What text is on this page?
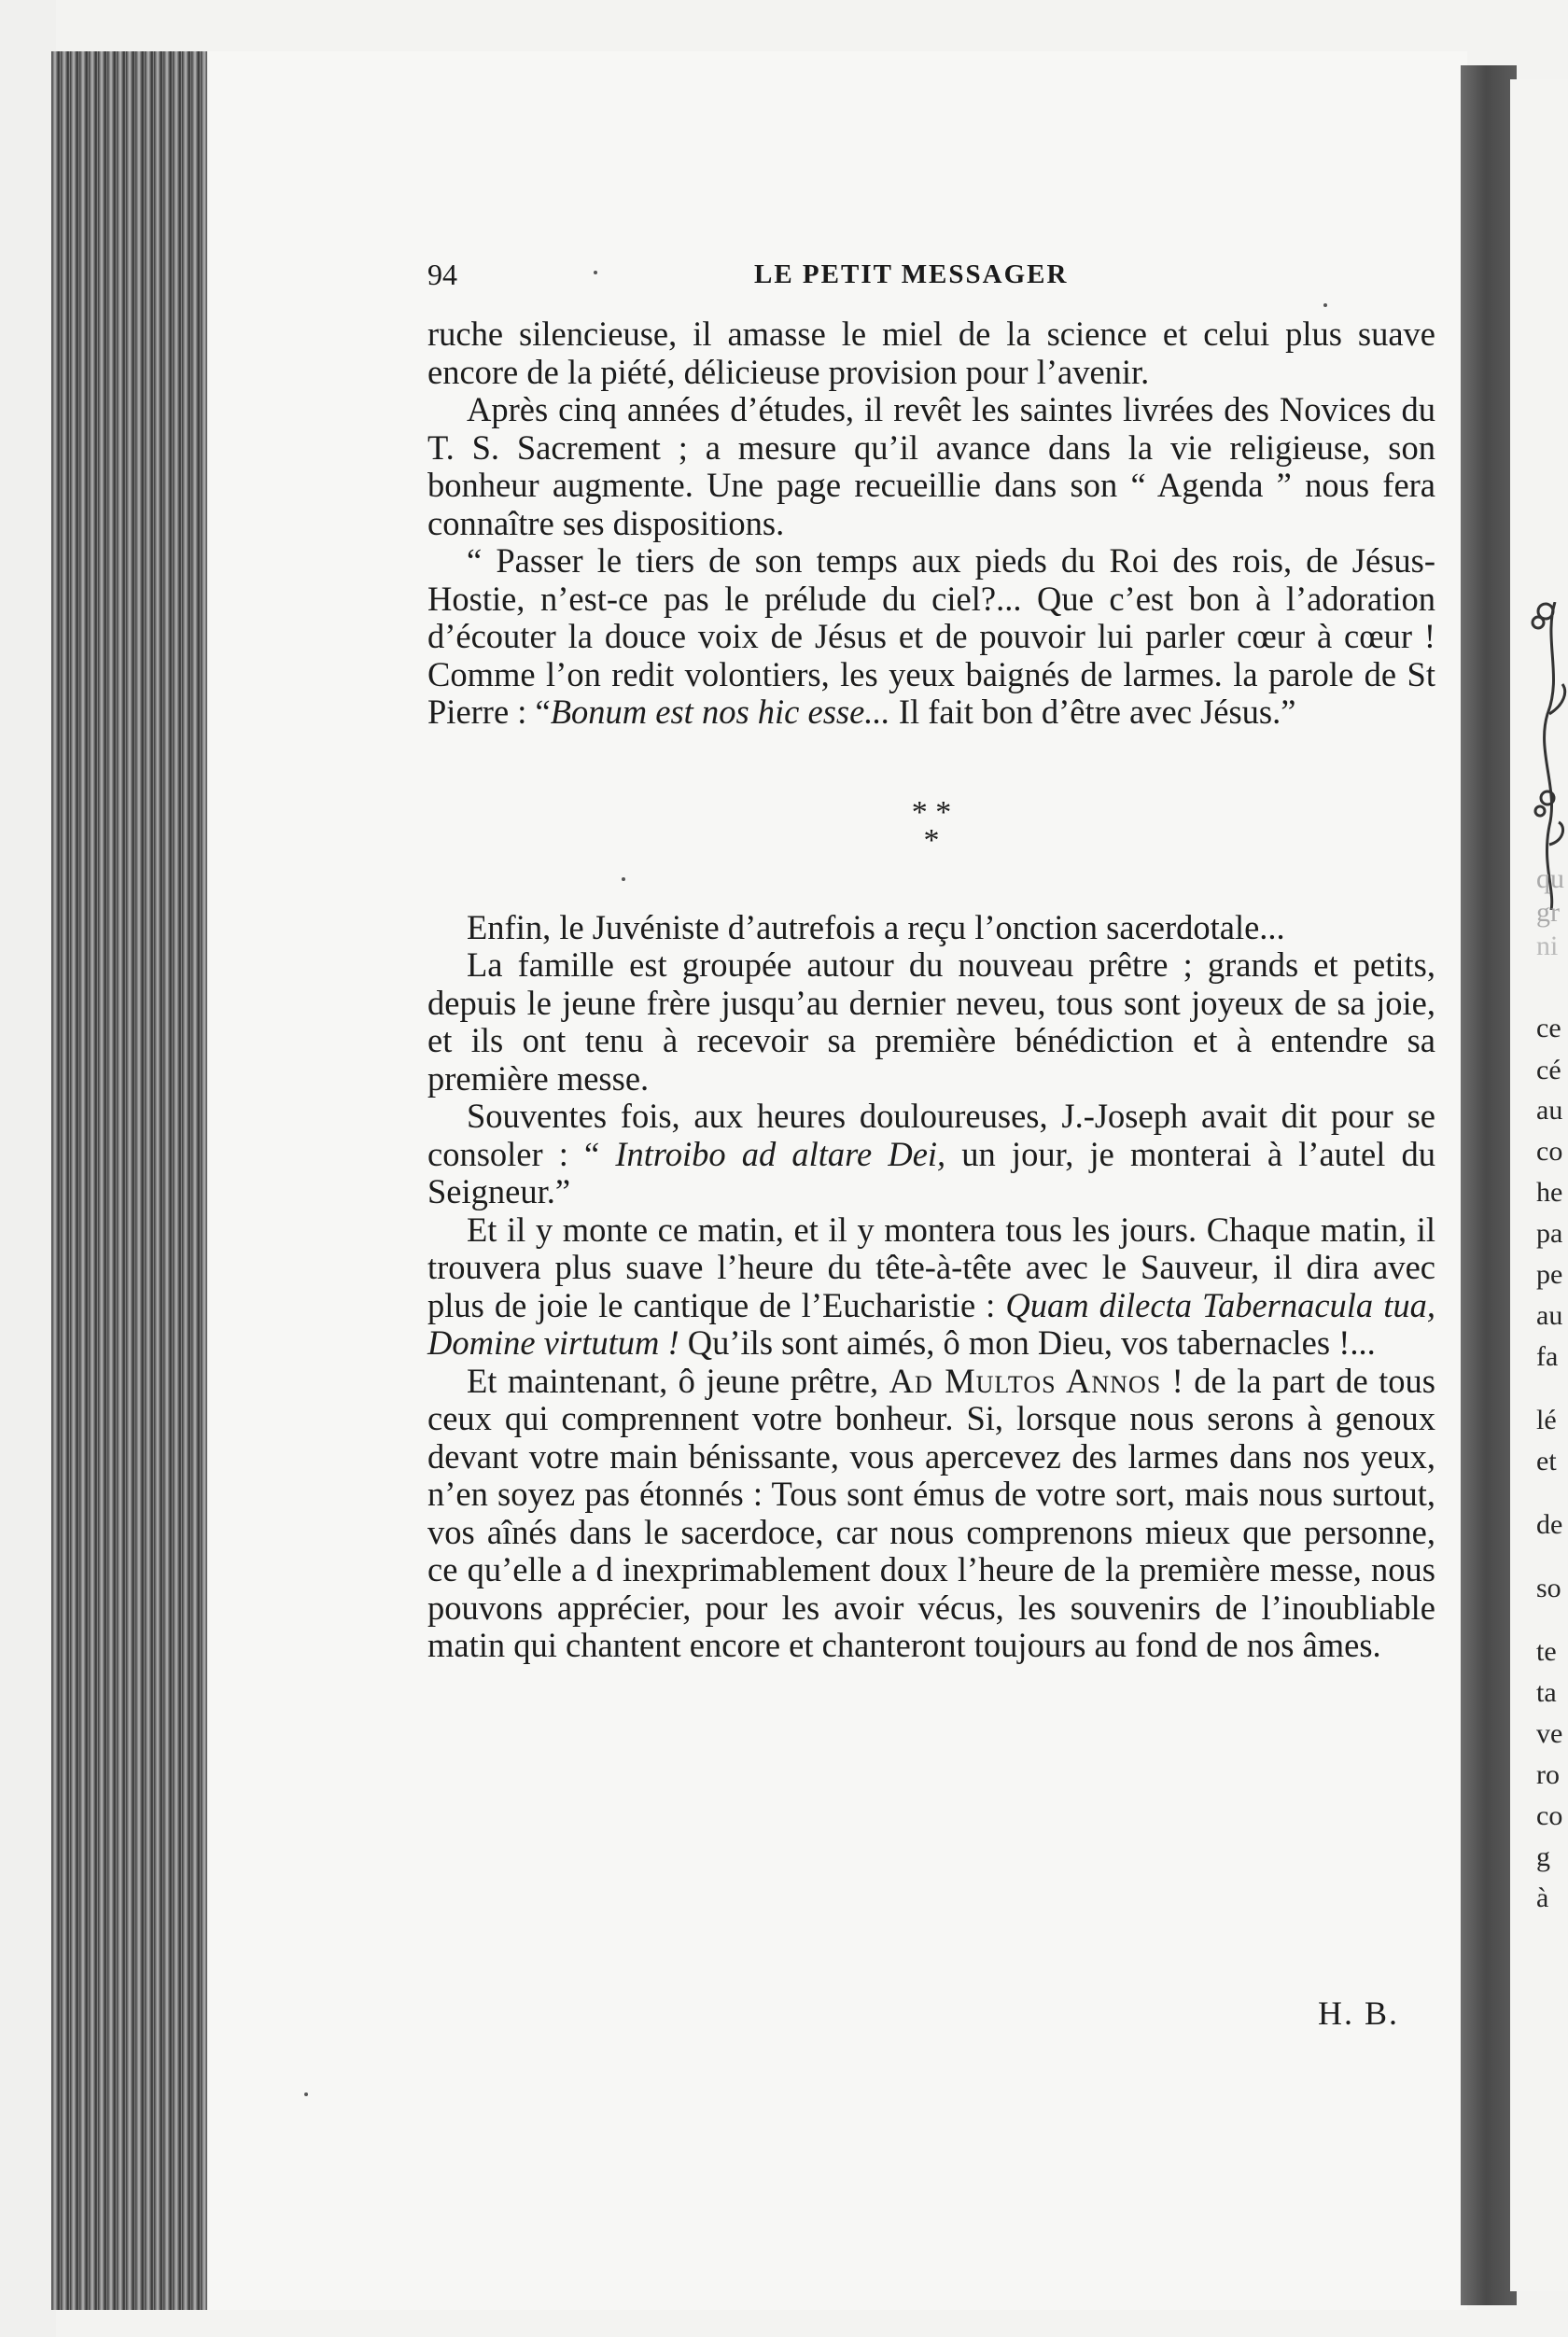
qu
gr
ni
ce
cé
au
co
he
pa
pe
au
fa
lé
et
de
so
te
ta
ve
ro
co
g
à
94	LE PETIT MESSAGER

ruche silencieuse, il amasse le miel de la science et celui plus suave encore de la piété, délicieuse provision pour l’avenir.

Après cinq années d’études, il revêt les saintes livrées des Novices du T. S. Sacrement ; a mesure qu’il avance dans la vie religieuse, son bonheur augmente. Une page recueillie dans son “ Agenda ” nous fera connaître ses dispositions.

“ Passer le tiers de son temps aux pieds du Roi des rois, de Jésus-Hostie, n’est-ce pas le prélude du ciel?... Que c’est bon à l’adoration d’écouter la douce voix de Jésus et de pouvoir lui parler cœur à cœur ! Comme l’on redit volontiers, les yeux baignés de larmes. la parole de St Pierre : “Bonum est nos hic esse... Il fait bon d’être avec Jésus.”

* *
*

Enfin, le Juvéniste d’autrefois a reçu l’onction sacerdotale...

La famille est groupée autour du nouveau prêtre ; grands et petits, depuis le jeune frère jusqu’au dernier neveu, tous sont joyeux de sa joie, et ils ont tenu à recevoir sa première bénédiction et à entendre sa première messe.

Souventes fois, aux heures douloureuses, J.-Joseph avait dit pour se consoler : “ Introibo ad altare Dei, un jour, je monterai à l’autel du Seigneur.”

Et il y monte ce matin, et il y montera tous les jours. Chaque matin, il trouvera plus suave l’heure du tête-à-tête avec le Sauveur, il dira avec plus de joie le cantique de l’Eucharistie : Quam dilecta Tabernacula tua, Domine virtutum ! Qu’ils sont aimés, ô mon Dieu, vos tabernacles !...

Et maintenant, ô jeune prêtre, Ad Multos Annos ! de la part de tous ceux qui comprennent votre bonheur. Si, lorsque nous serons à genoux devant votre main bénissante, vous apercevez des larmes dans nos yeux, n’en soyez pas étonnés : Tous sont émus de votre sort, mais nous surtout, vos aînés dans le sacerdoce, car nous comprenons mieux que personne, ce qu’elle a d inexprimablement doux l’heure de la première messe, nous pouvons apprécier, pour les avoir vécus, les souvenirs de l’inoubliable matin qui chantent encore et chanteront toujours au fond de nos âmes.

H. B.
